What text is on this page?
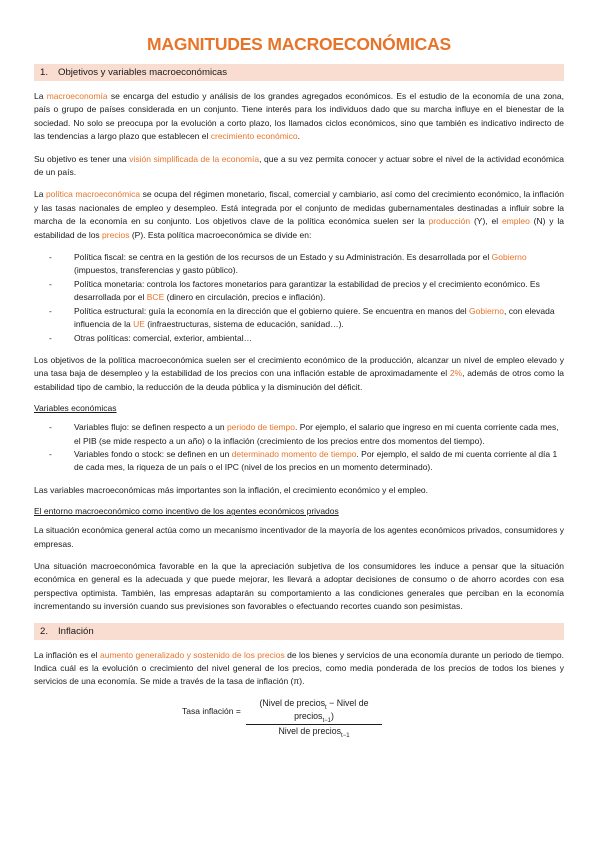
MAGNITUDES MACROECONÓMICAS
1. Objetivos y variables macroeconómicas

La macroeconomía se encarga del estudio y análisis de los grandes agregados económicos. Es el estudio de la economía de una zona, país o grupo de países considerada en un conjunto. Tiene interés para los individuos dado que su marcha influye en el bienestar de la sociedad. No solo se preocupa por la evolución a corto plazo, los llamados ciclos económicos, sino que también es indicativo indirecto de las tendencias a largo plazo que establecen el crecimiento económico.

Su objetivo es tener una visión simplificada de la economía, que a su vez permita conocer y actuar sobre el nivel de la actividad económica de un país.

La política macroeconómica se ocupa del régimen monetario, fiscal, comercial y cambiario, así como del crecimiento económico, la inflación y las tasas nacionales de empleo y desempleo. Está integrada por el conjunto de medidas gubernamentales destinadas a influir sobre la marcha de la economía en su conjunto. Los objetivos clave de la política económica suelen ser la producción (Y), el empleo (N) y la estabilidad de los precios (P). Esta política macroeconómica se divide en:

-	Política fiscal: se centra en la gestión de los recursos de un Estado y su Administración. Es desarrollada por el Gobierno (impuestos, transferencias y gasto público).
-	Política monetaria: controla los factores monetarios para garantizar la estabilidad de precios y el crecimiento económico. Es desarrollada por el BCE (dinero en circulación, precios e inflación).
-	Política estructural: guía la economía en la dirección que el gobierno quiere. Se encuentra en manos del Gobierno, con elevada influencia de la UE (infraestructuras, sistema de educación, sanidad…).
-	Otras políticas: comercial, exterior, ambiental…

Los objetivos de la política macroeconómica suelen ser el crecimiento económico de la producción, alcanzar un nivel de empleo elevado y una tasa baja de desempleo y la estabilidad de los precios con una inflación estable de aproximadamente el 2%, además de otros como la estabilidad tipo de cambio, la reducción de la deuda pública y la disminución del déficit.

Variables económicas
-	Variables flujo: se definen respecto a un periodo de tiempo. Por ejemplo, el salario que ingreso en mi cuenta corriente cada mes, el PIB (se mide respecto a un año) o la inflación (crecimiento de los precios entre dos momentos del tiempo).
-	Variables fondo o stock: se definen en un determinado momento de tiempo. Por ejemplo, el saldo de mi cuenta corriente al día 1 de cada mes, la riqueza de un país o el IPC (nivel de los precios en un momento determinado).

Las variables macroeconómicas más importantes son la inflación, el crecimiento económico y el empleo.

El entorno macroeconómico como incentivo de los agentes económicos privados

La situación económica general actúa como un mecanismo incentivador de la mayoría de los agentes económicos privados, consumidores y empresas.

Una situación macroeconómica favorable en la que la apreciación subjetiva de los consumidores les induce a pensar que la situación económica en general es la adecuada y que puede mejorar, les llevará a adoptar decisiones de consumo o de ahorro acordes con esa perspectiva optimista. También, las empresas adaptarán su comportamiento a las condiciones generales que perciban en la economía incrementando su inversión cuando sus previsiones son favorables o efectuando recortes cuando son pesimistas.

2. Inflación

La inflación es el aumento generalizado y sostenido de los precios de los bienes y servicios de una economía durante un periodo de tiempo. Indica cuál es la evolución o crecimiento del nivel general de los precios, como media ponderada de los precios de todos los bienes y servicios de una economía. Se mide a través de la tasa de inflación (π).

Tasa inflación =
(Nivel de precios$_t$ − Nivel de precios$_{t-1}$)
Nivel de precios$_{t-1}$
